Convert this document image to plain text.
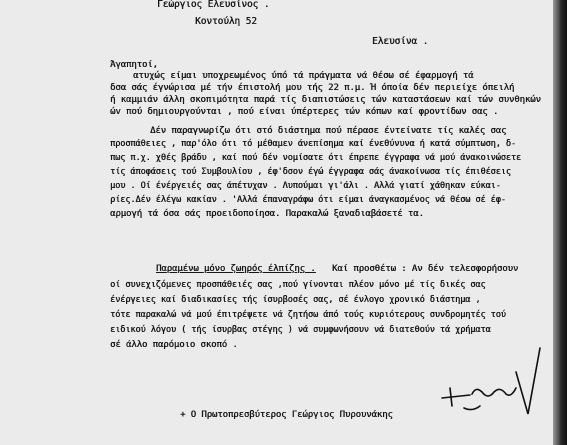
Γεώργιος Ελευσίνος .
Κοντούλη 52
Ελευσίνα .
Άγαπητοί,
ατυχώς είμαι υποχρεωμένος ύπό τά πράγματα νά θέσω σέ έφαρμογή τά
δσα σάς έγνώρισα μέ τήν έπιστολή μου τής 22 π.μ. Ή όποία δέν περιείχε όπειλή
ή καμμιάν άλλη σκοπιμότητα παρά τίς διαπιστώσεις τών καταστάσεων καί τών συνθηκών
ώv πού δημιουργούνται , πού είναι ύπέρτερες τών κόπων καί φροντίδων σας .
Δέν παραγνωρίζω ότι στό διάστημα πού πέρασε έντείνατε τίς καλές σας
προσπάθειες , παρ'όλο ότι τό μέθαμεν άνεπίσημα καί ένεθύνυνα ή κατά σύμπτωση, δ-
πως π.χ. χθές βράδυ , καί πού δέν νομίσατε ότι έπρεπε έγγραφα νά μού άνακοινώσετε
τίς άποφάσεις τού Συμβουλίου , έφ'δσον έγώ έγγραφα σάς άνακοίνωσα τίς έπιθέσεις
μου . Οί ένέργειές σας άπέτυχαν . Λυπούμαι γι'άλι . Αλλά γιατί χάθηκαν εύκαι-
ρίες.Δέν έλέγω κακίαν . 'Αλλά έπαναγράφω ότι είμαι άναγκασμένος νά θέσω σέ έφ-
αρμογή τά όσα σάς προειδοποίησα. Παρακαλώ ξαναδιαβάσετέ τα.
Παραμένω μόνο ζωηρός έλπίζης . Καί προσθέτω : Αν δέν τελεσφορήσουν
οί συνεχιζόμενες προσπάθειές σας ,πού γίνονται πλέον μόνο μέ τίς δικές σας
ένέργειες καί διαδικασίες τής ίσυρβοσές σας, σέ ένλογο χρονικό διάστημα ,
τότε παρακαλώ νά μού έπιτρέψετε νά ζητήσω άπό τούς κυριότερους συνδρομητές τού
ειδικού λόγου ( τής ίσυρβας στέγης ) νά συμφωνήσουν νά διατεθούν τά χρήματα
σέ άλλο παρόμοιο σκοπό .
+ Ο Πρωτοπρεσβύτερος Γεώργιος Πυρουνάκης
